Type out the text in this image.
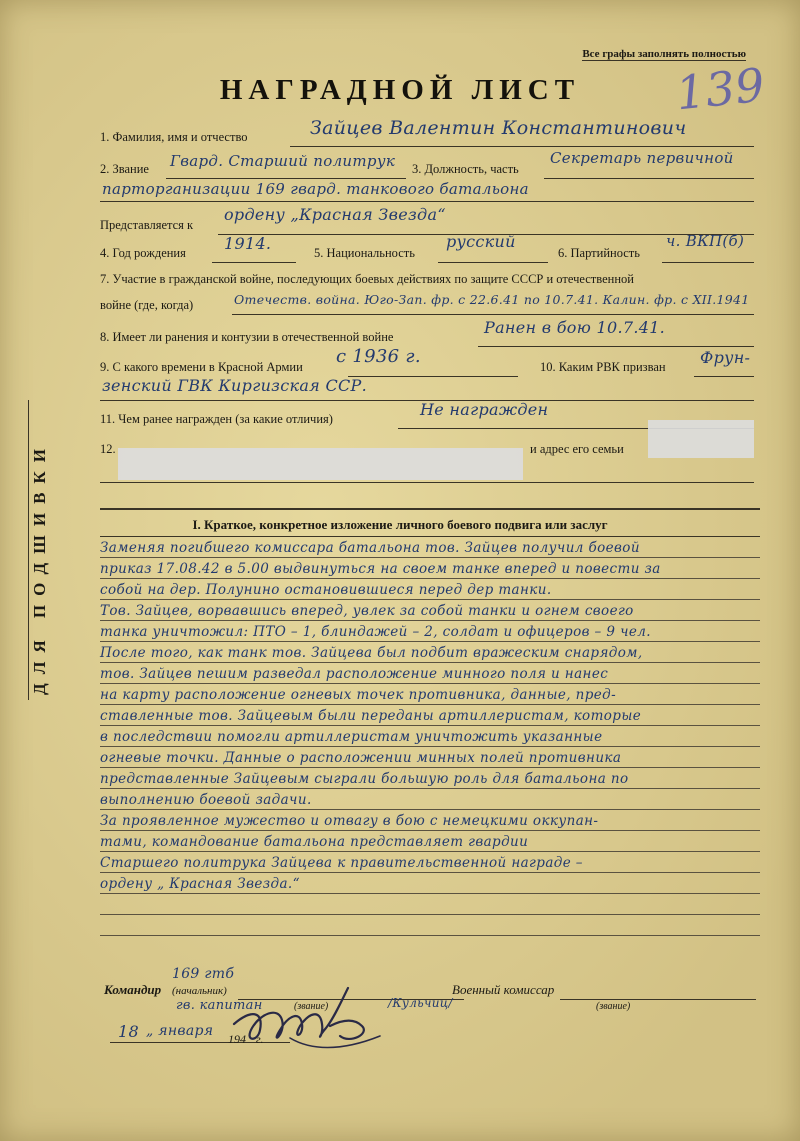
Все графы заполнять полностью
139
НАГРАДНОЙ ЛИСТ
ДЛЯ ПОДШИВКИ
1. Фамилия, имя и отчество	Зайцев Валентин Константинович
2. Звание Гвард. Старший политрук 3. Должность, часть
Секретарь первичной
парторганизации 169 гвард. танкового батальона
Представляется к
ордену „Красная Звезда“
4. Год рождения 1914.	5. Национальность
русский
6. Партийность
ч. ВКП(б)
7. Участие в гражданской войне, последующих боевых действиях по защите СССР и отечественной
войне (где, когда)	Отечеств. война. Юго-Зап. фр. с 22.6.41 по 10.7.41. Калин. фр. с XII.1941
8. Имеет ли ранения и контузии в отечественной войне	Ранен в бою 10.7.41.
9. С какого времени в Красной Армии с 1936 г.	10. Каким РВК призван Фрун-
зенский ГВК Киргизская ССР.
11. Чем ранее награжден (за какие отличия)	Не награжден
12.	и адрес его семьи
I. Краткое, конкретное изложение личного боевого подвига или заслуг
Заменяя погибшего комиссара батальона тов. Зайцев получил боевой
приказ 17.08.42 в 5.00 выдвинуться на своем танке вперед и повести за
собой на дер. Полунино остановившиеся перед дер танки.
Тов. Зайцев, ворвавшись вперед, увлек за собой танки и огнем своего
танка уничтожил: ПТО – 1, блиндажей – 2, солдат и офицеров – 9 чел.
После того, как танк тов. Зайцева был подбит вражеским снарядом,
тов. Зайцев пешим разведал расположение минного поля и нанес
на карту расположение огневых точек противника, данные, пред-
ставленные тов. Зайцевым были переданы артиллеристам, которые
в последствии помогли артиллеристам уничтожить указанные
огневые точки. Данные о расположении минных полей противника
представленные Зайцевым сыграли большую роль для батальона по
выполнению боевой задачи.
За проявленное мужество и отвагу в бою с немецкими оккупан-
тами, командование батальона представляет гвардии
Старшего политрука Зайцева к правительственной награде –
ордену „ Красная Звезда.“
169 гтб
Командир (начальник)
гв. капитан	(звание)	/Кульчиц/
Военный комиссар
(звание)
18 „ января 194 г.
